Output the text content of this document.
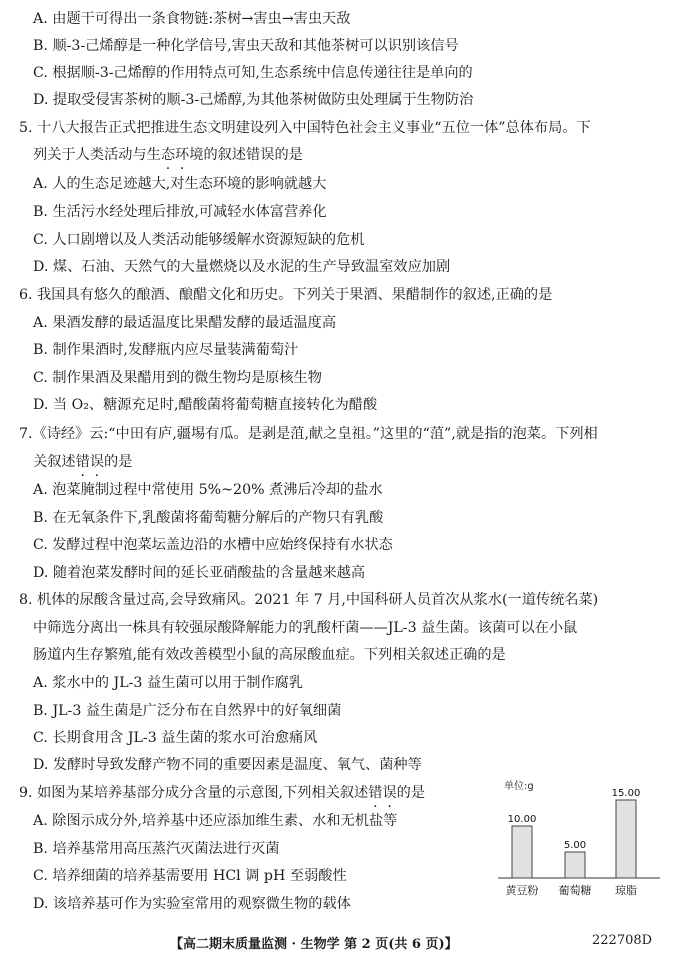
A. 由题干可得出一条食物链:茶树→害虫→害虫天敌
B. 顺-3-己烯醇是一种化学信号,害虫天敌和其他茶树可以识别该信号
C. 根据顺-3-己烯醇的作用特点可知,生态系统中信息传递往往是单向的
D. 提取受侵害茶树的顺-3-己烯醇,为其他茶树做防虫处理属于生物防治
5. 十八大报告正式把推进生态文明建设列入中国特色社会主义事业“五位一体”总体布局。下
列关于人类活动与生态环境的叙述错误的是
A. 人的生态足迹越大,对生态环境的影响就越大
B. 生活污水经处理后排放,可减轻水体富营养化
C. 人口剧增以及人类活动能够缓解水资源短缺的危机
D. 煤、石油、天然气的大量燃烧以及水泥的生产导致温室效应加剧
6. 我国具有悠久的酿酒、酿醋文化和历史。下列关于果酒、果醋制作的叙述,正确的是
A. 果酒发酵的最适温度比果醋发酵的最适温度高
B. 制作果酒时,发酵瓶内应尽量装满葡萄汁
C. 制作果酒及果醋用到的微生物均是原核生物
D. 当 O₂、糖源充足时,醋酸菌将葡萄糖直接转化为醋酸
7.《诗经》云:“中田有庐,疆埸有瓜。是剥是菹,献之皇祖。”这里的“菹”,就是指的泡菜。下列相
关叙述错误的是
A. 泡菜腌制过程中常使用 5%~20% 煮沸后冷却的盐水
B. 在无氧条件下,乳酸菌将葡萄糖分解后的产物只有乳酸
C. 发酵过程中泡菜坛盖边沿的水槽中应始终保持有水状态
D. 随着泡菜发酵时间的延长亚硝酸盐的含量越来越高
8. 机体的尿酸含量过高,会导致痛风。2021 年 7 月,中国科研人员首次从浆水(一道传统名菜)
中筛选分离出一株具有较强尿酸降解能力的乳酸杆菌——JL-3 益生菌。该菌可以在小鼠
肠道内生存繁殖,能有效改善模型小鼠的高尿酸血症。下列相关叙述正确的是
A. 浆水中的 JL-3 益生菌可以用于制作腐乳
B. JL-3 益生菌是广泛分布在自然界中的好氧细菌
C. 长期食用含 JL-3 益生菌的浆水可治愈痛风
D. 发酵时导致发酵产物不同的重要因素是温度、氧气、菌种等
9. 如图为某培养基部分成分含量的示意图,下列相关叙述错误的是
A. 除图示成分外,培养基中还应添加维生素、水和无机盐等
B. 培养基常用高压蒸汽灭菌法进行灭菌
C. 培养细菌的培养基需要用 HCl 调 pH 至弱酸性
D. 该培养基可作为实验室常用的观察微生物的载体
单位:g
10.00
黄豆粉
5.00
葡萄糖
15.00
琼脂
【高二期末质量监测 · 生物学 第 2 页(共 6 页)】	222708D
